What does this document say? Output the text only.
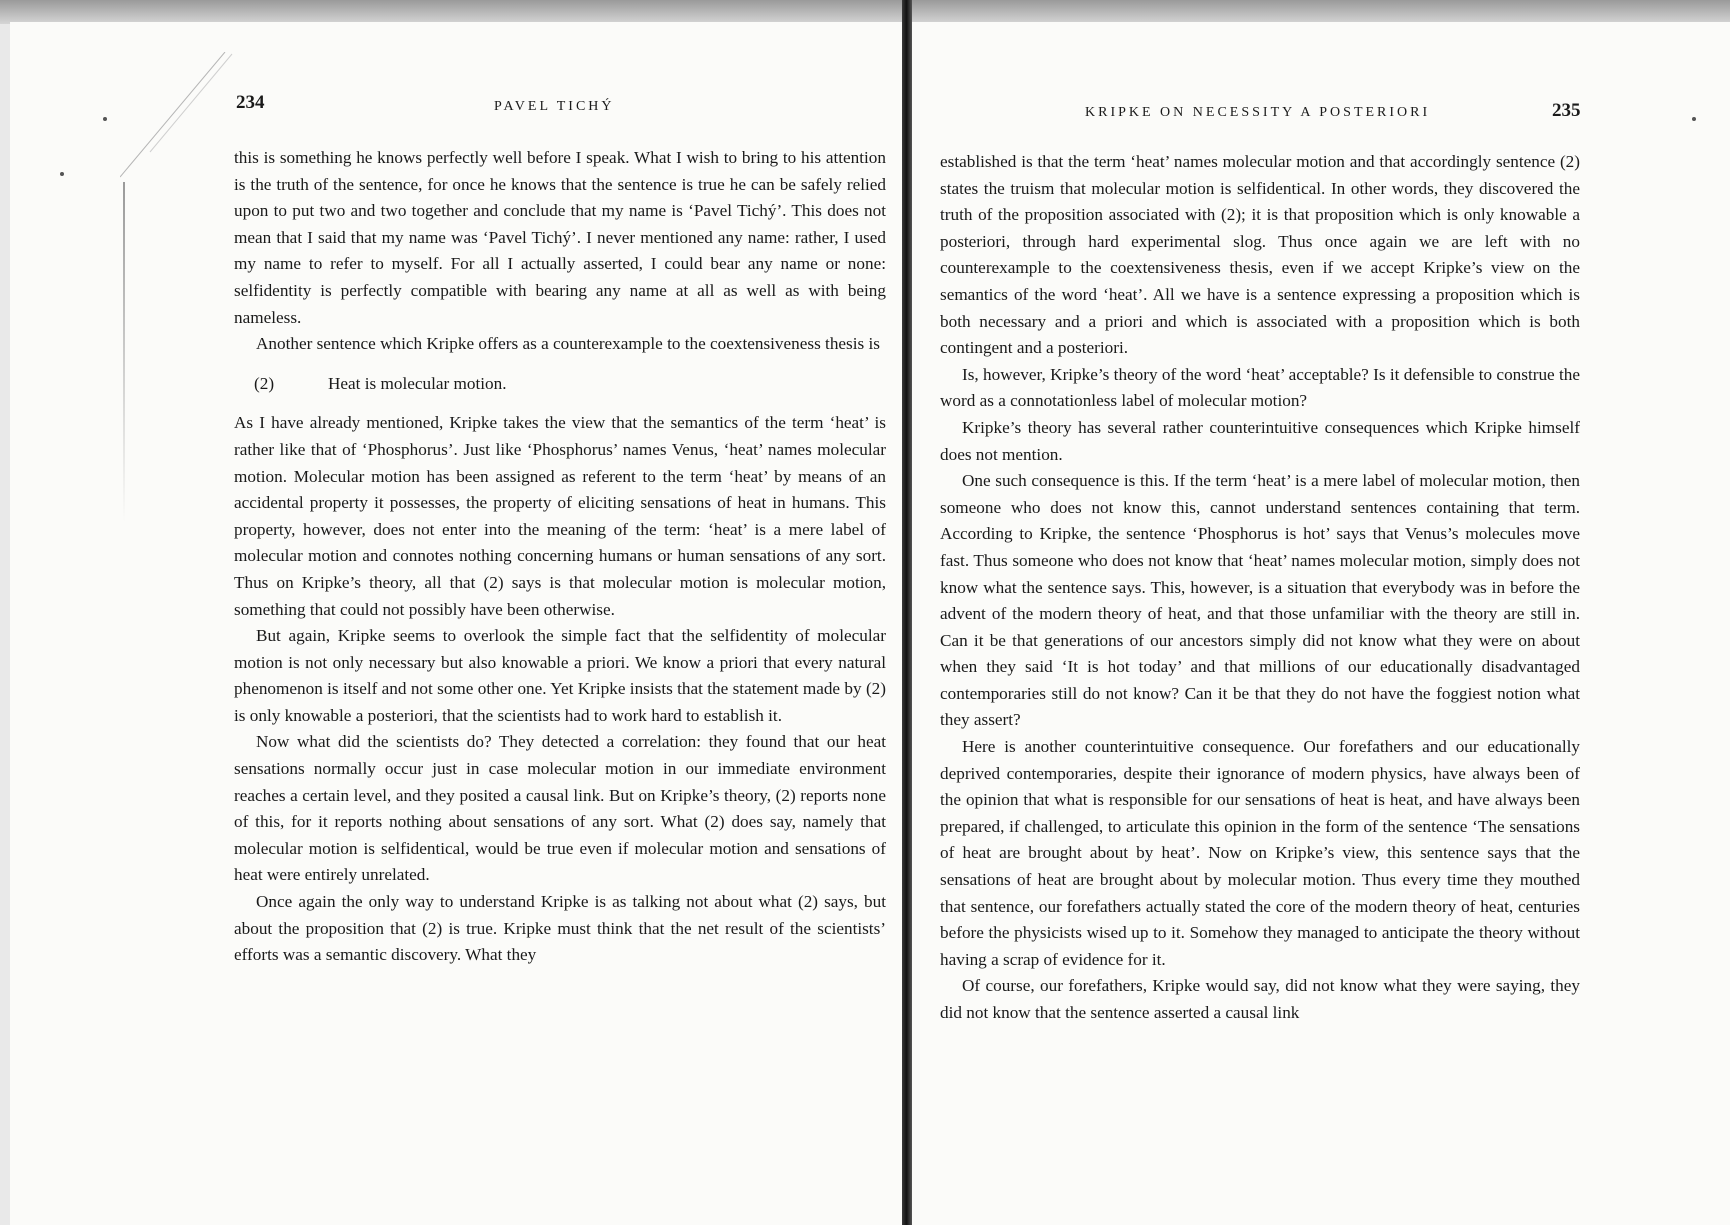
234	PAVEL TICHÝ

this is something he knows perfectly well before I speak. What I wish to bring to his attention is the truth of the sentence, for once he knows that the sentence is true he can be safely relied upon to put two and two together and conclude that my name is ‘Pavel Tichý’. This does not mean that I said that my name was ‘Pavel Tichý’. I never mentioned any name: rather, I used my name to refer to myself. For all I actually asserted, I could bear any name or none: selfidentity is perfectly compatible with bearing any name at all as well as with being nameless.

Another sentence which Kripke offers as a counterexample to the coextensiveness thesis is

(2)	Heat is molecular motion.

As I have already mentioned, Kripke takes the view that the semantics of the term ‘heat’ is rather like that of ‘Phosphorus’. Just like ‘Phosphorus’ names Venus, ‘heat’ names molecular motion. Molecular motion has been assigned as referent to the term ‘heat’ by means of an accidental property it possesses, the property of eliciting sensations of heat in humans. This property, however, does not enter into the meaning of the term: ‘heat’ is a mere label of molecular motion and connotes nothing concerning humans or human sensations of any sort. Thus on Kripke’s theory, all that (2) says is that molecular motion is molecular motion, something that could not possibly have been otherwise.

But again, Kripke seems to overlook the simple fact that the selfidentity of molecular motion is not only necessary but also knowable a priori. We know a priori that every natural phenomenon is itself and not some other one. Yet Kripke insists that the statement made by (2) is only knowable a posteriori, that the scientists had to work hard to establish it.

Now what did the scientists do? They detected a correlation: they found that our heat sensations normally occur just in case molecular motion in our immediate environment reaches a certain level, and they posited a causal link. But on Kripke’s theory, (2) reports none of this, for it reports nothing about sensations of any sort. What (2) does say, namely that molecular motion is selfidentical, would be true even if molecular motion and sensations of heat were entirely unrelated.

Once again the only way to understand Kripke is as talking not about what (2) says, but about the proposition that (2) is true. Kripke must think that the net result of the scientists’ efforts was a semantic discovery. What they

KRIPKE ON NECESSITY A POSTERIORI	235

established is that the term ‘heat’ names molecular motion and that accordingly sentence (2) states the truism that molecular motion is selfidentical. In other words, they discovered the truth of the proposition associated with (2); it is that proposition which is only knowable a posteriori, through hard experimental slog. Thus once again we are left with no counterexample to the coextensiveness thesis, even if we accept Kripke’s view on the semantics of the word ‘heat’. All we have is a sentence expressing a proposition which is both necessary and a priori and which is associated with a proposition which is both contingent and a posteriori.

Is, however, Kripke’s theory of the word ‘heat’ acceptable? Is it defensible to construe the word as a connotationless label of molecular motion?

Kripke’s theory has several rather counterintuitive consequences which Kripke himself does not mention.

One such consequence is this. If the term ‘heat’ is a mere label of molecular motion, then someone who does not know this, cannot understand sentences containing that term. According to Kripke, the sentence ‘Phosphorus is hot’ says that Venus’s molecules move fast. Thus someone who does not know that ‘heat’ names molecular motion, simply does not know what the sentence says. This, however, is a situation that everybody was in before the advent of the modern theory of heat, and that those unfamiliar with the theory are still in. Can it be that generations of our ancestors simply did not know what they were on about when they said ‘It is hot today’ and that millions of our educationally disadvantaged contemporaries still do not know? Can it be that they do not have the foggiest notion what they assert?

Here is another counterintuitive consequence. Our forefathers and our educationally deprived contemporaries, despite their ignorance of modern physics, have always been of the opinion that what is responsible for our sensations of heat is heat, and have always been prepared, if challenged, to articulate this opinion in the form of the sentence ‘The sensations of heat are brought about by heat’. Now on Kripke’s view, this sentence says that the sensations of heat are brought about by molecular motion. Thus every time they mouthed that sentence, our forefathers actually stated the core of the modern theory of heat, centuries before the physicists wised up to it. Somehow they managed to anticipate the theory without having a scrap of evidence for it.

Of course, our forefathers, Kripke would say, did not know what they were saying, they did not know that the sentence asserted a causal link
